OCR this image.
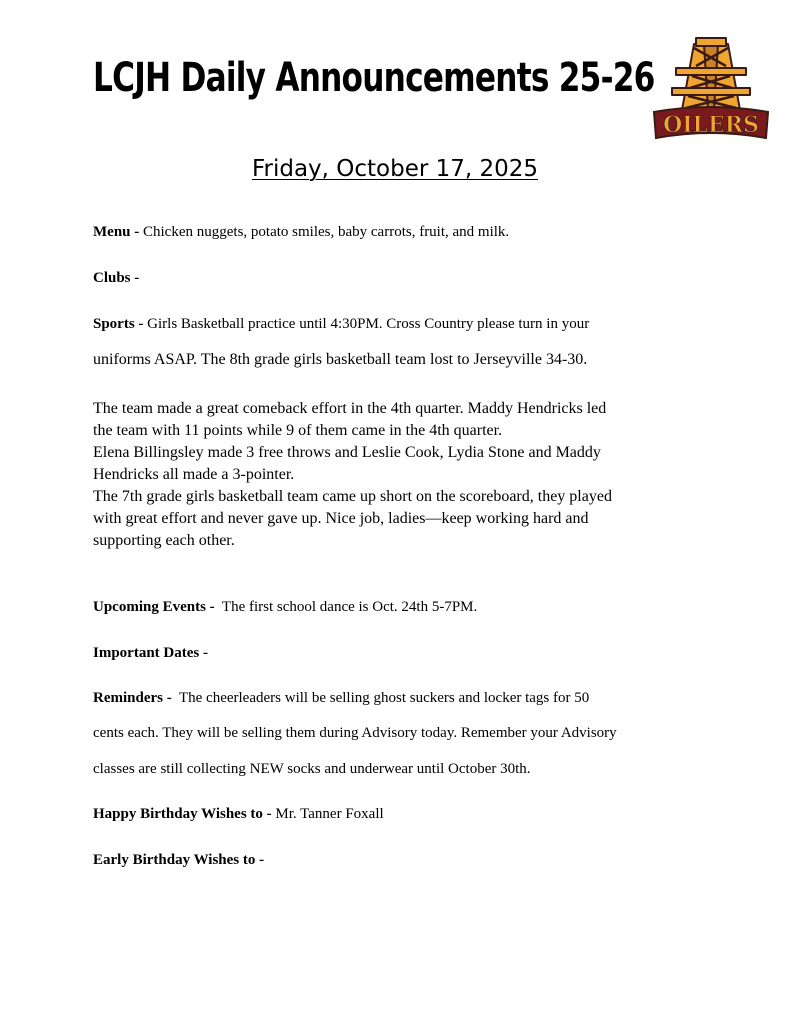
LCJH Daily Announcements 25-26
OILERS
Friday, October 17, 2025
Menu - Chicken nuggets, potato smiles, baby carrots, fruit, and milk.
Clubs -
Sports - Girls Basketball practice until 4:30PM. Cross Country please turn in your
uniforms ASAP. The 8th grade girls basketball team lost to Jerseyville 34-30.
The team made a great comeback effort in the 4th quarter. Maddy Hendricks led
the team with 11 points while 9 of them came in the 4th quarter.
Elena Billingsley made 3 free throws and Leslie Cook, Lydia Stone and Maddy
Hendricks all made a 3-pointer.
The 7th grade girls basketball team came up short on the scoreboard, they played
with great effort and never gave up. Nice job, ladies—keep working hard and
supporting each other.
Upcoming Events -  The first school dance is Oct. 24th 5-7PM.
Important Dates -
Reminders -  The cheerleaders will be selling ghost suckers and locker tags for 50
cents each. They will be selling them during Advisory today. Remember your Advisory
classes are still collecting NEW socks and underwear until October 30th.
Happy Birthday Wishes to - Mr. Tanner Foxall
Early Birthday Wishes to -
